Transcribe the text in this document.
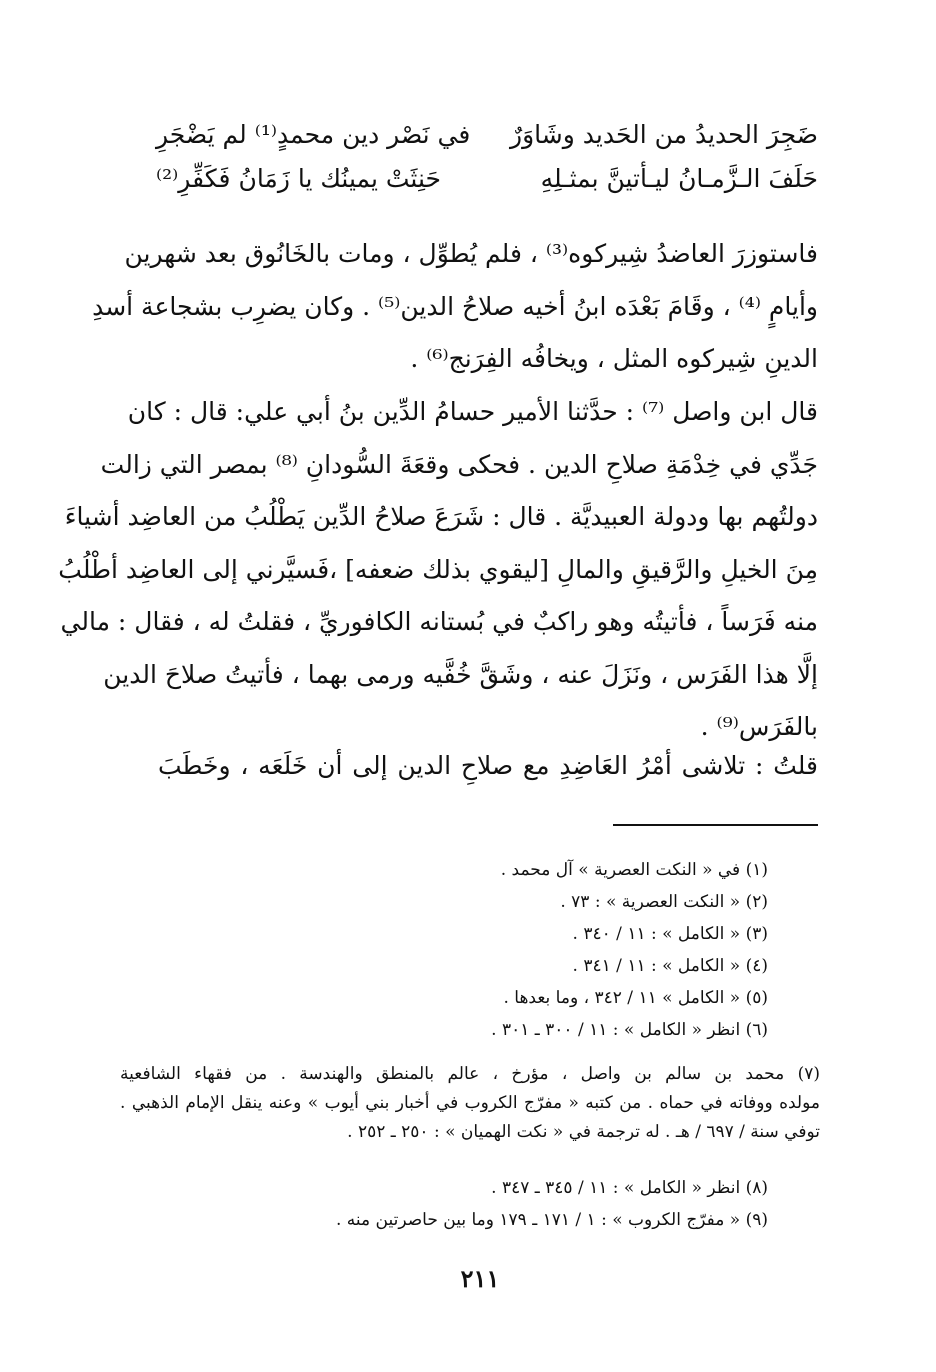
ضَجِرَ الحديدُ من الحَديد وشَاوَرٌ
في نَصْر دين محمدٍ⁽¹⁾ لم يَضْجَرِ
حَلَفَ الـزَّمـانُ ليـأتينَّ بمثـلِهِ
حَنِثَتْ يمينُك يا زَمَانُ فَكَفِّرِ⁽²⁾
فاستوزرَ العاضدُ شِيركوه⁽³⁾ ، فلم يُطوِّل ، ومات بالخَانُوق بعد شهرين
وأيامٍ ⁽⁴⁾ ، وقَامَ بَعْدَه ابنُ أخيه صلاحُ الدين⁽⁵⁾ . وكان يضرِب بشجاعة أسدِ
الدينِ شِيركوه المثل ، ويخافُه الفِرَنج⁽⁶⁾ .
قال ابن واصل ⁽⁷⁾ : حدَّثنا الأمير حسامُ الدِّين بنُ أبي علي: قال : كان
جَدِّي في خِدْمَةِ صلاحِ الدين . فحكى وقعَةَ السُّودانِ ⁽⁸⁾ بمصر التي زالت
دولتُهم بها ودولة العبيديَّة . قال : شَرَعَ صلاحُ الدِّين يَطْلُبُ من العاضِد أشياءَ
مِنَ الخيلِ والرَّقيقِ والمالِ [ليقوي بذلك ضعفه] ،فَسيَّرني إلى العاضِد أطْلُبُ
منه فَرَساً ، فأتيتُه وهو راكبٌ في بُستانه الكافوريِّ ، فقلتُ له ، فقال : مالي
إلَّا هذا الفَرَس ، ونَزَلَ عنه ، وشَقَّ خُفَّيه ورمى بهما ، فأتيتُ صلاحَ الدين
بالفَرَس⁽⁹⁾ .
قلتُ : تلاشى أمْرُ العَاضِدِ مع صلاحِ الدين إلى أن خَلَعَه ، وخَطَبَ
(١) في « النكت العصرية » آل محمد .
(٢) « النكت العصرية » : ٧٣ .
(٣) « الكامل » : ١١ / ٣٤٠ .
(٤) « الكامل » : ١١ / ٣٤١ .
(٥) « الكامل » ١١ / ٣٤٢ ، وما بعدها .
(٦) انظر « الكامل » : ١١ / ٣٠٠ ـ ٣٠١ .
(٧) محمد بن سالم بن واصل ، مؤرخ ، عالم بالمنطق والهندسة . من فقهاء الشافعية
مولده ووفاته في حماه . من كتبه « مفرّج الكروب في أخبار بني أيوب » وعنه ينقل الإمام الذهبي .
توفي سنة / ٦٩٧ / هـ . له ترجمة في « نكت الهميان » : ٢٥٠ ـ ٢٥٢ .
(٨) انظر « الكامل » : ١١ / ٣٤٥ ـ ٣٤٧ .
(٩) « مفرّج الكروب » : ١ / ١٧١ ـ ١٧٩ وما بين حاصرتين منه .
٢١١
